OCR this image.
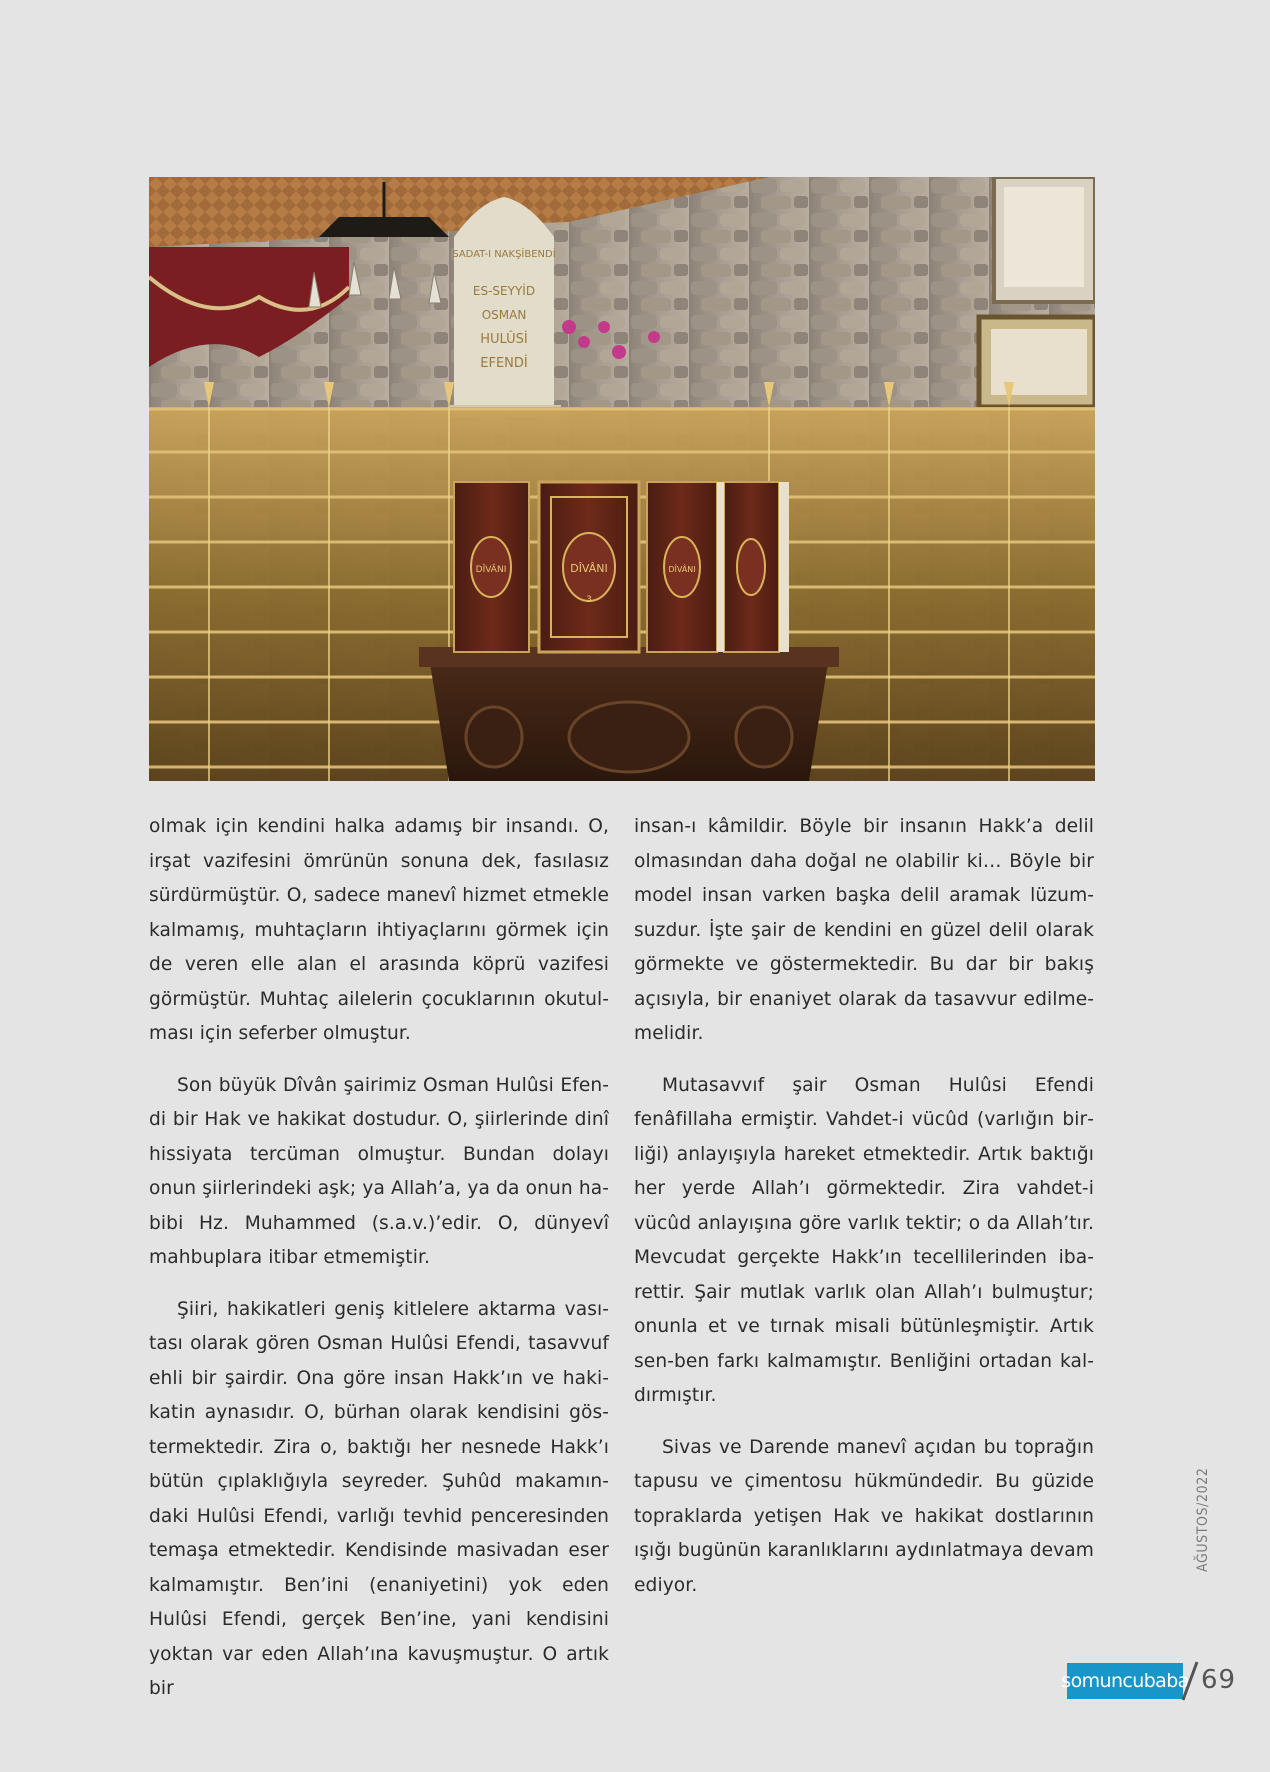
SADAT-I NAKŞİBENDİ
ES-SEYYİD
OSMAN
HULÛSİ
EFENDİ
DÎVÂNI
DÎVÂNI	DÎVÂNI
3

olmak için kendini halka adamış bir insandı. O, irşat vazifesini ömrünün sonuna dek, fasılasız sürdürmüştür. O, sadece manevî hizmet etmekle kalmamış, muhtaçların ihtiyaçlarını görmek için de veren elle alan el arasında köprü vazifesi görmüştür. Muhtaç ailelerin çocuklarının okutulması için seferber olmuştur.

Son büyük Dîvân şairimiz Osman Hulûsi Efendi bir Hak ve hakikat dostudur. O, şiirlerinde dinî hissiyata tercüman olmuştur. Bundan dolayı onun şiirlerindeki aşk; ya Allah’a, ya da onun habibi Hz. Muhammed (s.a.v.)’edir. O, dünyevî mahbuplara itibar etmemiştir.

Şiiri, hakikatleri geniş kitlelere aktarma vasıtası olarak gören Osman Hulûsi Efendi, tasavvuf ehli bir şairdir. Ona göre insan Hakk’ın ve hakikatin aynasıdır. O, bürhan olarak kendisini göstermektedir. Zira o, baktığı her nesnede Hakk’ı bütün çıplaklığıyla seyreder. Şuhûd makamındaki Hulûsi Efendi, varlığı tevhid penceresinden temaşa etmektedir. Kendisinde masivadan eser kalmamıştır. Ben’ini (enaniyetini) yok eden Hulûsi Efendi, gerçek Ben’ine, yani kendisini yoktan var eden Allah’ına kavuşmuştur. O artık bir

insan-ı kâmildir. Böyle bir insanın Hakk’a delil olmasından daha doğal ne olabilir ki… Böyle bir model insan varken başka delil aramak lüzumsuzdur. İşte şair de kendini en güzel delil olarak görmekte ve göstermektedir. Bu dar bir bakış açısıyla, bir enaniyet olarak da tasavvur edilmemelidir.

Mutasavvıf şair Osman Hulûsi Efendi fenâfillaha ermiştir. Vahdet-i vücûd (varlığın birliği) anlayışıyla hareket etmektedir. Artık baktığı her yerde Allah’ı görmektedir. Zira vahdet-i vücûd anlayışına göre varlık tektir; o da Allah’tır. Mevcudat gerçekte Hakk’ın tecellilerinden ibarettir. Şair mutlak varlık olan Allah’ı bulmuştur; onunla et ve tırnak misali bütünleşmiştir. Artık sen-ben farkı kalmamıştır. Benliğini ortadan kaldırmıştır.

Sivas ve Darende manevî açıdan bu toprağın tapusu ve çimentosu hükmündedir. Bu güzide topraklarda yetişen Hak ve hakikat dostlarının ışığı bugünün karanlıklarını aydınlatmaya devam ediyor.

AĞUSTOS/2022
somuncubaba 69
